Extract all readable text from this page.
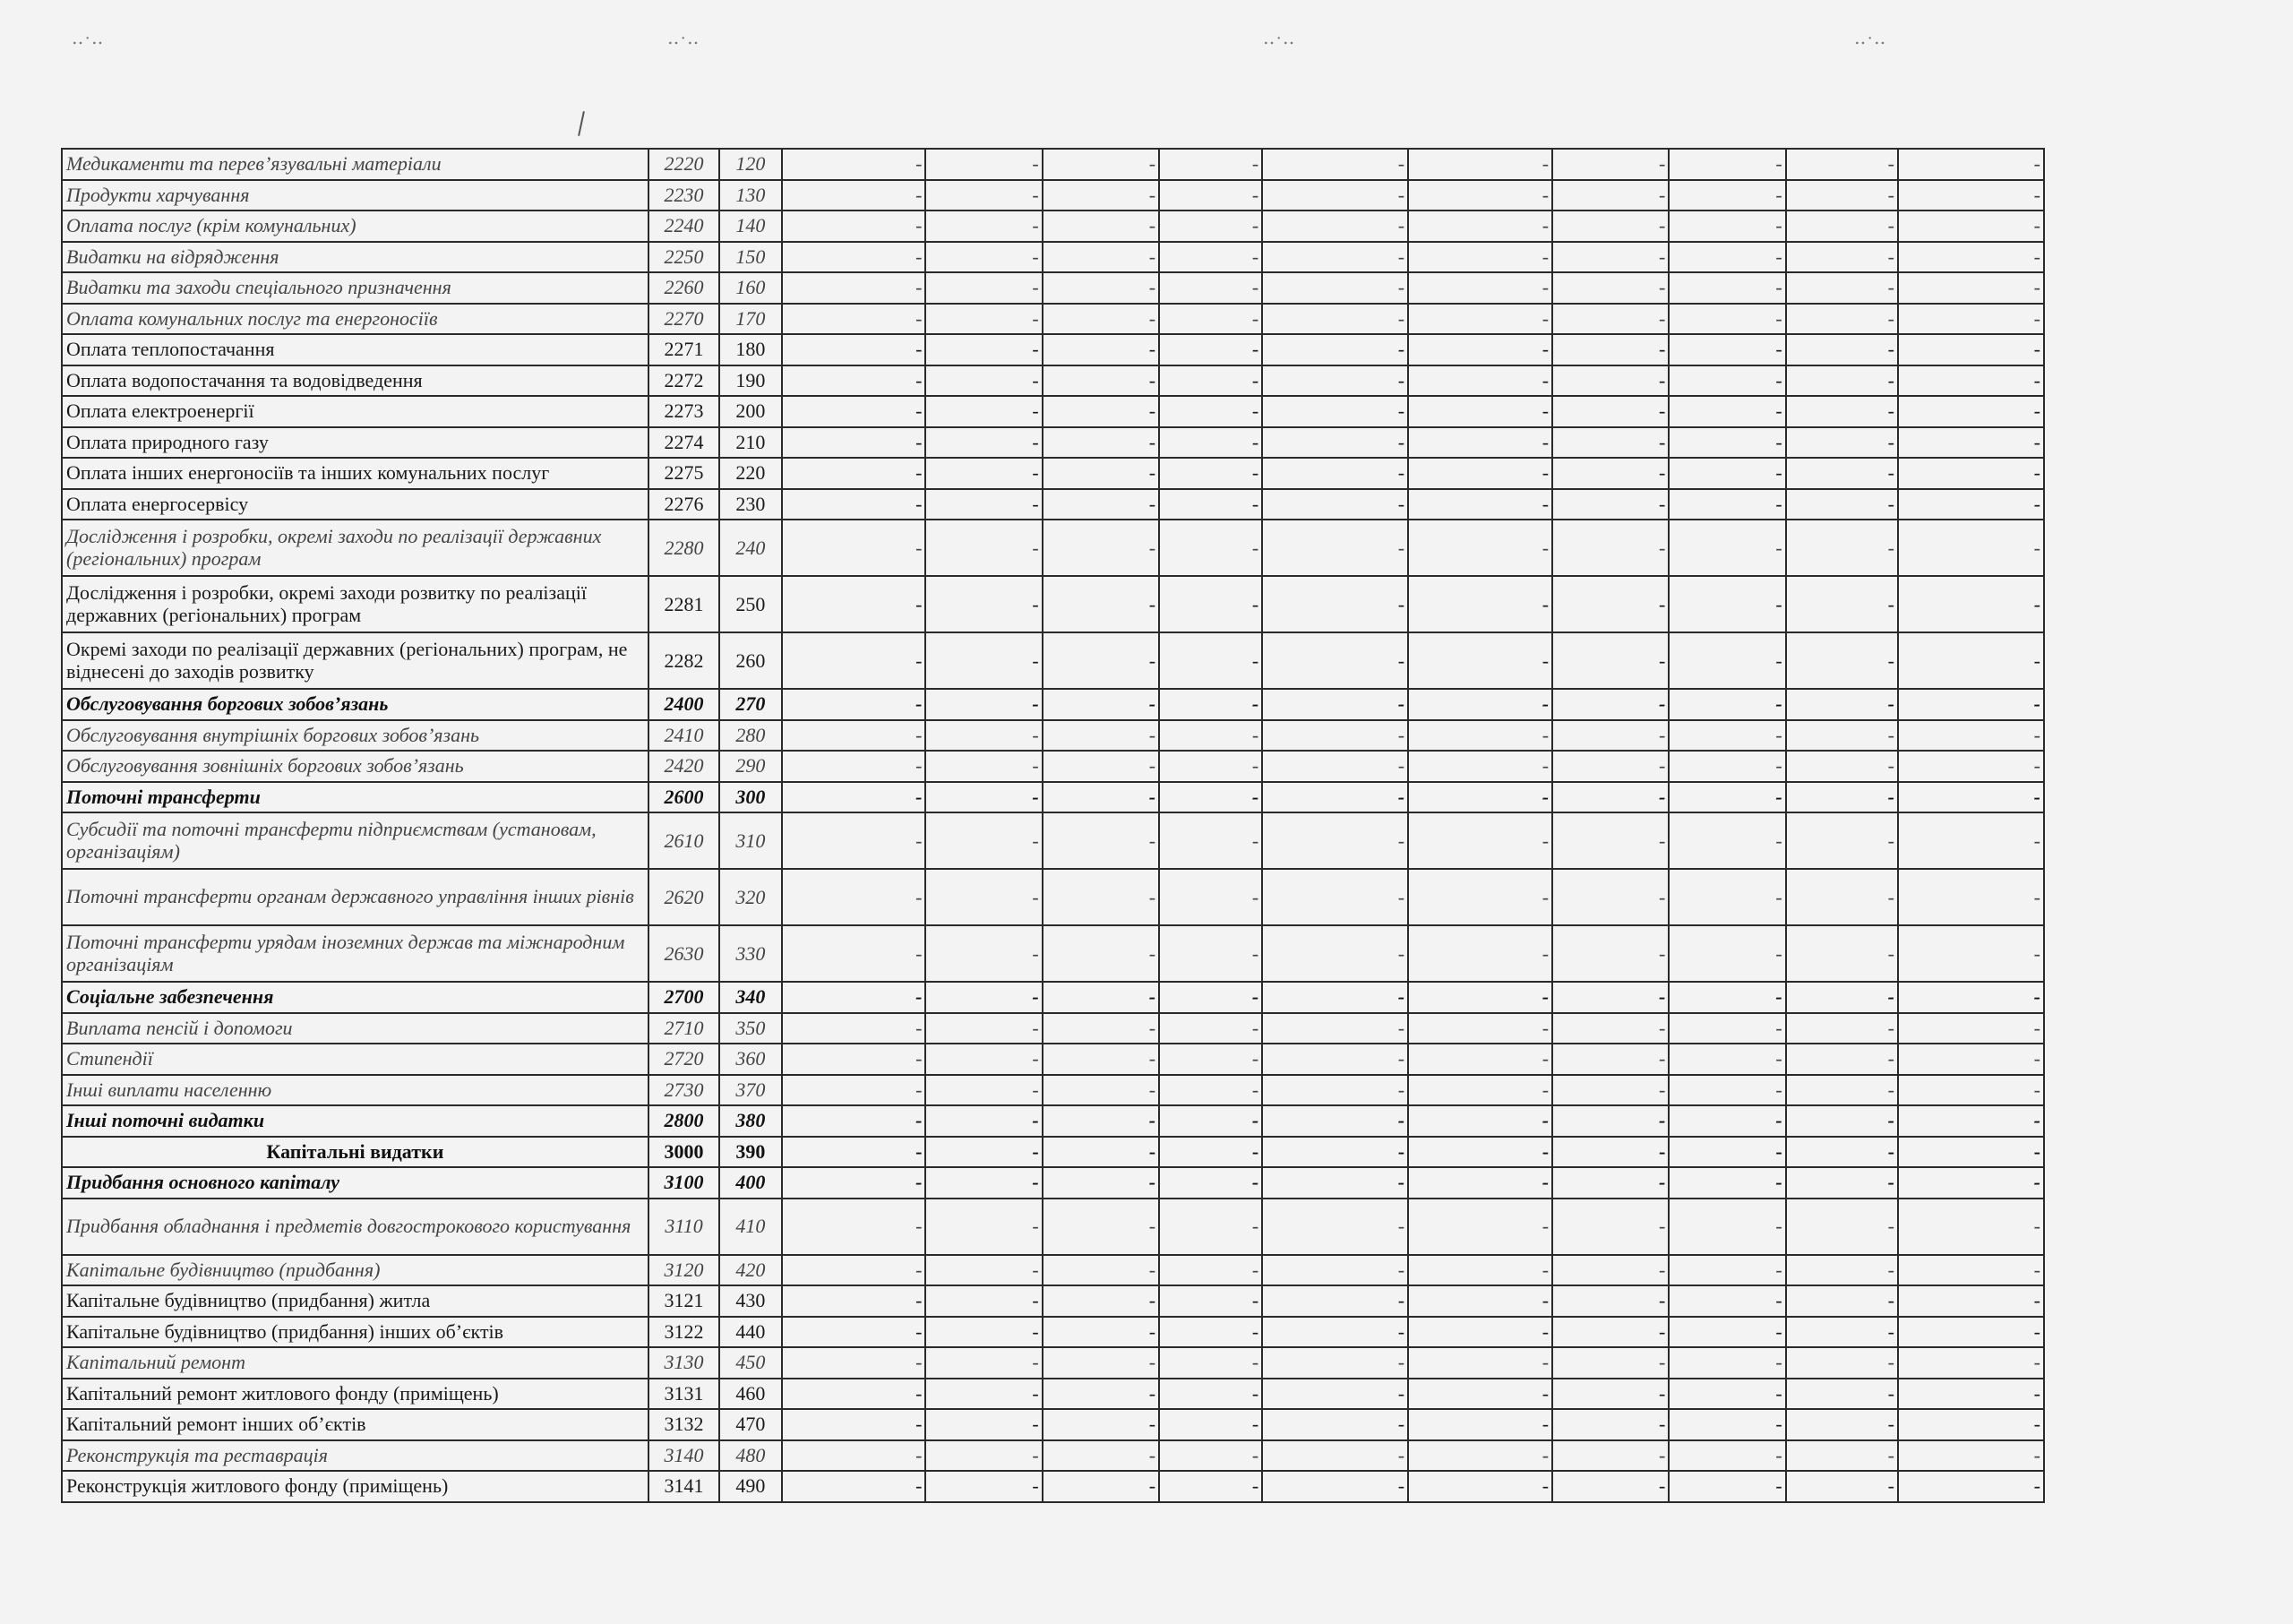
‥·‥	‥·‥	‥·‥	‥·‥
Медикаменти та перев’язувальні матеріали	2220	120	-	-	-	-	-	-	-	-	-	-
Продукти харчування	2230	130	-	-	-	-	-	-	-	-	-	-
Оплата послуг (крім комунальних)	2240	140	-	-	-	-	-	-	-	-	-	-
Видатки на відрядження	2250	150	-	-	-	-	-	-	-	-	-	-
Видатки та заходи спеціального призначення	2260	160	-	-	-	-	-	-	-	-	-	-
Оплата комунальних послуг та енергоносіїв	2270	170	-	-	-	-	-	-	-	-	-	-
Оплата теплопостачання	2271	180	-	-	-	-	-	-	-	-	-	-
Оплата водопостачання та водовідведення	2272	190	-	-	-	-	-	-	-	-	-	-
Оплата електроенергії	2273	200	-	-	-	-	-	-	-	-	-	-
Оплата природного газу	2274	210	-	-	-	-	-	-	-	-	-	-
Оплата інших енергоносіїв та інших комунальних послуг	2275	220	-	-	-	-	-	-	-	-	-	-
Оплата енергосервісу	2276	230	-	-	-	-	-	-	-	-	-	-
Дослідження і розробки, окремі заходи по реалізації державних (регіональних) програм	2280	240	-	-	-	-	-	-	-	-	-	-
Дослідження і розробки, окремі заходи розвитку по реалізації державних (регіональних) програм	2281	250	-	-	-	-	-	-	-	-	-	-
Окремі заходи по реалізації державних (регіональних) програм, не віднесені до заходів розвитку	2282	260	-	-	-	-	-	-	-	-	-	-
Обслуговування боргових зобов’язань	2400	270	-	-	-	-	-	-	-	-	-	-
Обслуговування внутрішніх боргових зобов’язань	2410	280	-	-	-	-	-	-	-	-	-	-
Обслуговування зовнішніх боргових зобов’язань	2420	290	-	-	-	-	-	-	-	-	-	-
Поточні трансферти	2600	300	-	-	-	-	-	-	-	-	-	-
Субсидії та поточні трансферти підприємствам (установам, організаціям)	2610	310	-	-	-	-	-	-	-	-	-	-
Поточні трансферти органам державного управління інших рівнів	2620	320	-	-	-	-	-	-	-	-	-	-
Поточні трансферти урядам іноземних держав та міжнародним організаціям	2630	330	-	-	-	-	-	-	-	-	-	-
Соціальне забезпечення	2700	340	-	-	-	-	-	-	-	-	-	-
Виплата пенсій і допомоги	2710	350	-	-	-	-	-	-	-	-	-	-
Стипендії	2720	360	-	-	-	-	-	-	-	-	-	-
Інші виплати населенню	2730	370	-	-	-	-	-	-	-	-	-	-
Інші поточні видатки	2800	380	-	-	-	-	-	-	-	-	-	-
Капітальні видатки	3000	390	-	-	-	-	-	-	-	-	-	-
Придбання основного капіталу	3100	400	-	-	-	-	-	-	-	-	-	-
Придбання обладнання і предметів довгострокового користування	3110	410	-	-	-	-	-	-	-	-	-	-
Капітальне будівництво (придбання)	3120	420	-	-	-	-	-	-	-	-	-	-
Капітальне будівництво (придбання) житла	3121	430	-	-	-	-	-	-	-	-	-	-
Капітальне будівництво (придбання) інших об’єктів	3122	440	-	-	-	-	-	-	-	-	-	-
Капітальний ремонт	3130	450	-	-	-	-	-	-	-	-	-	-
Капітальний ремонт житлового фонду (приміщень)	3131	460	-	-	-	-	-	-	-	-	-	-
Капітальний ремонт інших об’єктів	3132	470	-	-	-	-	-	-	-	-	-	-
Реконструкція та реставрація	3140	480	-	-	-	-	-	-	-	-	-	-
Реконструкція житлового фонду (приміщень)	3141	490	-	-	-	-	-	-	-	-	-	-
